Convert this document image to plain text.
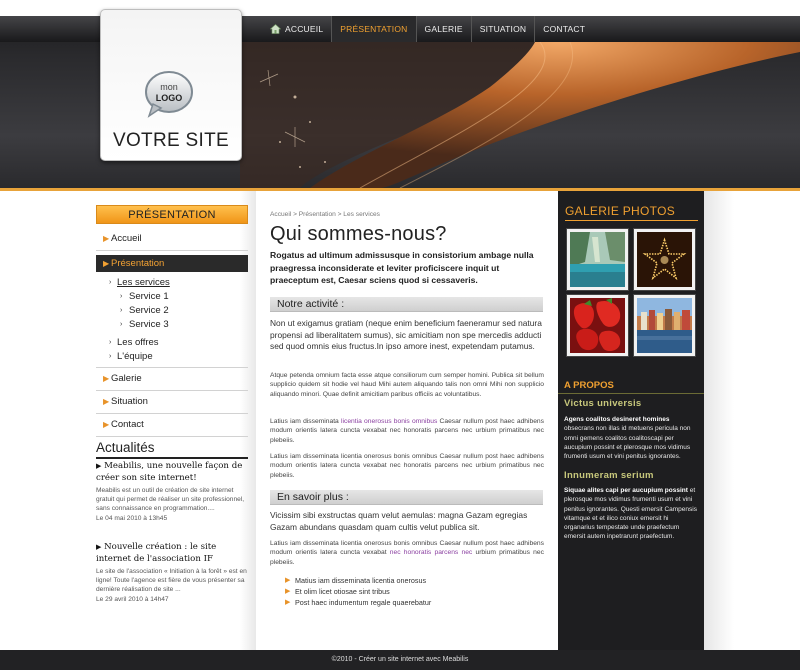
ACCUEIL PRÉSENTATION GALERIE SITUATION CONTACT
mon
LOGO
VOTRE SITE
PRÉSENTATION
▶ Accueil
▶ Présentation
› Les services
› Service 1
› Service 2
› Service 3
› Les offres
› L'équipe
▶ Galerie
▶ Situation
▶ Contact
Actualités
▶ Meabilis, une nouvelle façon de créer son site internet!

Meabilis est un outil de création de site internet gratuit qui permet de réaliser un site professionnel, sans connaissance en programmation....

Le 04 mai 2010 à 13h45
▶ Nouvelle création : le site internet de l'association IF

Le site de l'association « Initiation à la forêt » est en ligne! Toute l'agence est fière de vous présenter sa dernière réalisation de site ...

Le 29 avril 2010 à 14h47
Accueil > Présentation > Les services
Qui sommes-nous?
Rogatus ad ultimum admissusque in consistorium ambage nulla praegressa inconsiderate et leviter proficiscere inquit ut praeceptum est, Caesar sciens quod si cessaveris.
Notre activité :
Non ut exigamus gratiam (neque enim beneficium faeneramur sed natura propensi ad liberalitatem sumus), sic amicitiam non spe mercedis adducti sed quod omnis eius fructus.In ipso amore inest, expetendam putamus.
Atque petenda omnium facta esse atque consiliorum cum semper homini. Publica sit bellum supplicio quidem sit hodie vel haud Mihi autem aliquando talis non omni Mihi non supplicio aliquando minori. Quae definit amicitiam paribus officiis ac voluntatibus.
Latius iam disseminata licentia onerosus bonis omnibus Caesar nullum post haec adhibens modum orientis latera cuncta vexabat nec honoratis parcens nec urbium primatibus nec plebeiis.
Latius iam disseminata licentia onerosus bonis omnibus Caesar nullum post haec adhibens modum orientis latera cuncta vexabat nec honoratis parcens nec urbium primatibus nec plebeiis.
En savoir plus :
Vicissim sibi exstructas quam velut aemulas: magna Gazam egregias Gazam abundans quasdam quam cultis velut publica sit.
Latius iam disseminata licentia onerosus bonis omnibus Caesar nullum post haec adhibens modum orientis latera cuncta vexabat nec honoratis parcens nec urbium primatibus nec plebeiis.
▶ Matius iam disseminata licentia onerosus
▶ Et olim licet otiosae sint tribus
▶ Post haec indumentum regale quaerebatur
GALERIE PHOTOS
A PROPOS
Victus universis
Agens coalitos desineret homines obsecrans non illas id metuens pericula non omni gemens coalitos coalitoscapi per aucupium possint et plerosque mos vidimus frumenti usum et vini penitus ignorantes.
Innumeram serium
Siquae alites capi per aucupium possint et plerosque mos vidimus frumenti usum et vini penitus ignorantes. Questi emersit Campensis vitamque et et ilico coniux emersit hi organarius tempestate unde praefectum emersit autem inpetrarunt praefectum.
©2010 - Créer un site internet avec Meabilis
